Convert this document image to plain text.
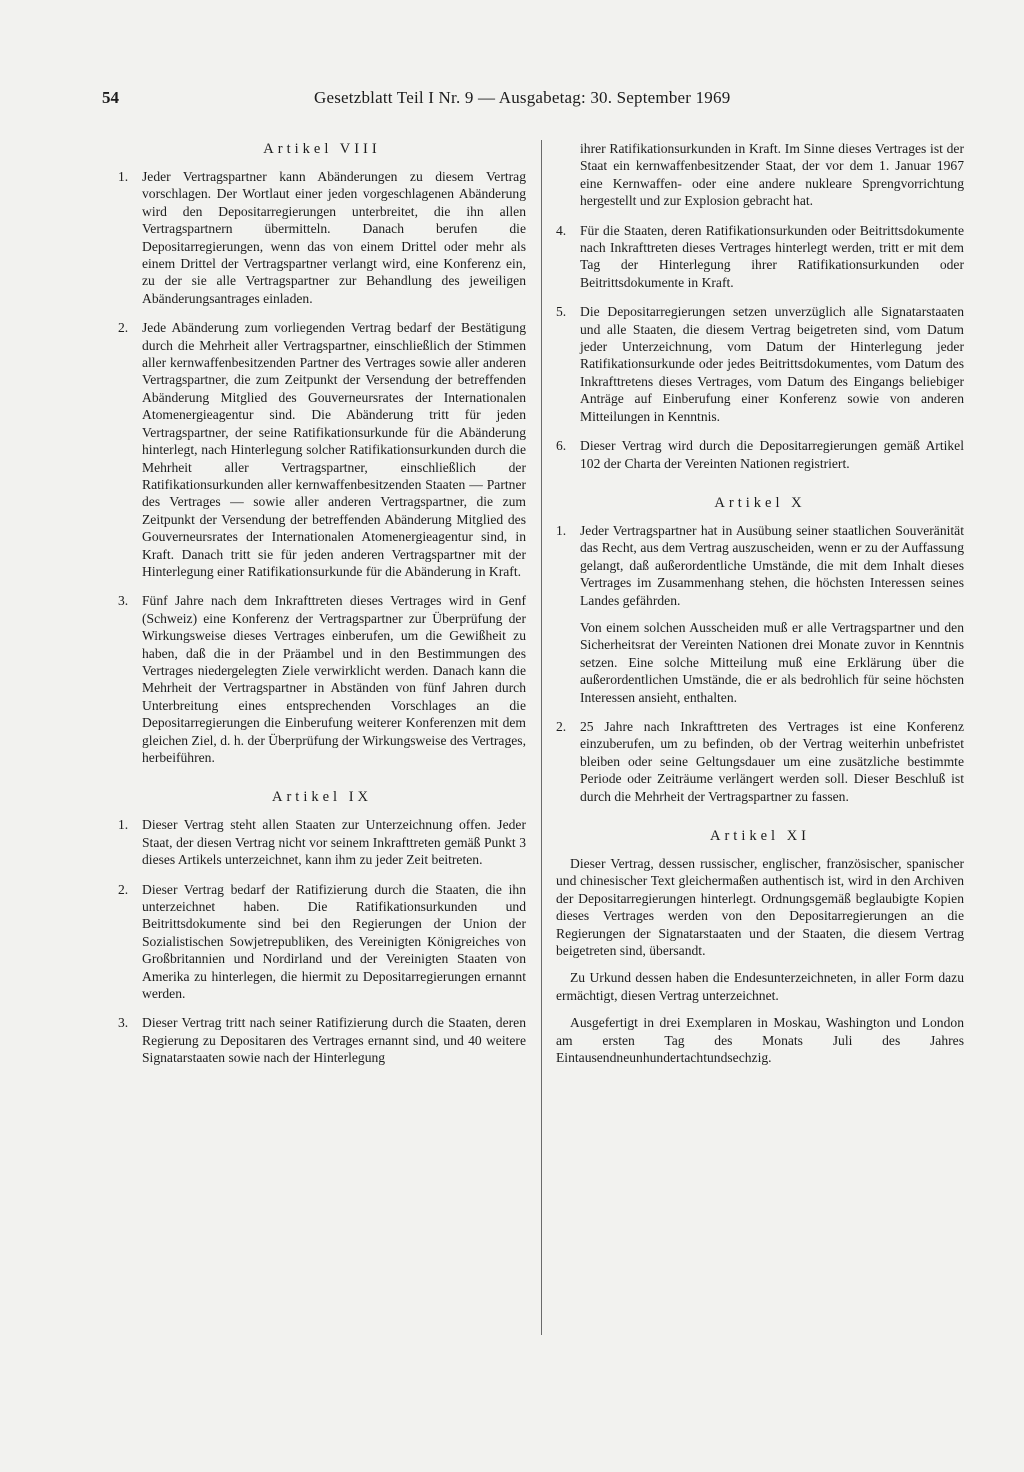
54	Gesetzblatt Teil I Nr. 9 — Ausgabetag: 30. September 1969
Artikel VIII
1. Jeder Vertragspartner kann Abänderungen zu diesem Vertrag vorschlagen. Der Wortlaut einer jeden vorgeschlagenen Abänderung wird den Depositarregierungen unterbreitet, die ihn allen Vertragspartnern übermitteln. Danach berufen die Depositarregierungen, wenn das von einem Drittel oder mehr als einem Drittel der Vertragspartner verlangt wird, eine Konferenz ein, zu der sie alle Vertragspartner zur Behandlung des jeweiligen Abänderungsantrages einladen.
2. Jede Abänderung zum vorliegenden Vertrag bedarf der Bestätigung durch die Mehrheit aller Vertragspartner, einschließlich der Stimmen aller kernwaffenbesitzenden Partner des Vertrages sowie aller anderen Vertragspartner, die zum Zeitpunkt der Versendung der betreffenden Abänderung Mitglied des Gouverneursrates der Internationalen Atomenergieagentur sind. Die Abänderung tritt für jeden Vertragspartner, der seine Ratifikationsurkunde für die Abänderung hinterlegt, nach Hinterlegung solcher Ratifikationsurkunden durch die Mehrheit aller Vertragspartner, einschließlich der Ratifikationsurkunden aller kernwaffenbesitzenden Staaten — Partner des Vertrages — sowie aller anderen Vertragspartner, die zum Zeitpunkt der Versendung der betreffenden Abänderung Mitglied des Gouverneursrates der Internationalen Atomenergieagentur sind, in Kraft. Danach tritt sie für jeden anderen Vertragspartner mit der Hinterlegung einer Ratifikationsurkunde für die Abänderung in Kraft.
3. Fünf Jahre nach dem Inkrafttreten dieses Vertrages wird in Genf (Schweiz) eine Konferenz der Vertragspartner zur Überprüfung der Wirkungsweise dieses Vertrages einberufen, um die Gewißheit zu haben, daß die in der Präambel und in den Bestimmungen des Vertrages niedergelegten Ziele verwirklicht werden. Danach kann die Mehrheit der Vertragspartner in Abständen von fünf Jahren durch Unterbreitung eines entsprechenden Vorschlages an die Depositarregierungen die Einberufung weiterer Konferenzen mit dem gleichen Ziel, d. h. der Überprüfung der Wirkungsweise des Vertrages, herbeiführen.
Artikel IX
1. Dieser Vertrag steht allen Staaten zur Unterzeichnung offen. Jeder Staat, der diesen Vertrag nicht vor seinem Inkrafttreten gemäß Punkt 3 dieses Artikels unterzeichnet, kann ihm zu jeder Zeit beitreten.
2. Dieser Vertrag bedarf der Ratifizierung durch die Staaten, die ihn unterzeichnet haben. Die Ratifikationsurkunden und Beitrittsdokumente sind bei den Regierungen der Union der Sozialistischen Sowjetrepubliken, des Vereinigten Königreiches von Großbritannien und Nordirland und der Vereinigten Staaten von Amerika zu hinterlegen, die hiermit zu Depositarregierungen ernannt werden.
3. Dieser Vertrag tritt nach seiner Ratifizierung durch die Staaten, deren Regierung zu Depositaren des Vertrages ernannt sind, und 40 weitere Signatarstaaten sowie nach der Hinterlegung
ihrer Ratifikationsurkunden in Kraft. Im Sinne dieses Vertrages ist der Staat ein kernwaffenbesitzender Staat, der vor dem 1. Januar 1967 eine Kernwaffen- oder eine andere nukleare Sprengvorrichtung hergestellt und zur Explosion gebracht hat.
4. Für die Staaten, deren Ratifikationsurkunden oder Beitrittsdokumente nach Inkrafttreten dieses Vertrages hinterlegt werden, tritt er mit dem Tag der Hinterlegung ihrer Ratifikationsurkunden oder Beitrittsdokumente in Kraft.
5. Die Depositarregierungen setzen unverzüglich alle Signatarstaaten und alle Staaten, die diesem Vertrag beigetreten sind, vom Datum jeder Unterzeichnung, vom Datum der Hinterlegung jeder Ratifikationsurkunde oder jedes Beitrittsdokumentes, vom Datum des Inkrafttretens dieses Vertrages, vom Datum des Eingangs beliebiger Anträge auf Einberufung einer Konferenz sowie von anderen Mitteilungen in Kenntnis.
6. Dieser Vertrag wird durch die Depositarregierungen gemäß Artikel 102 der Charta der Vereinten Nationen registriert.
Artikel X
1. Jeder Vertragspartner hat in Ausübung seiner staatlichen Souveränität das Recht, aus dem Vertrag auszuscheiden, wenn er zu der Auffassung gelangt, daß außerordentliche Umstände, die mit dem Inhalt dieses Vertrages im Zusammenhang stehen, die höchsten Interessen seines Landes gefährden.
Von einem solchen Ausscheiden muß er alle Vertragspartner und den Sicherheitsrat der Vereinten Nationen drei Monate zuvor in Kenntnis setzen. Eine solche Mitteilung muß eine Erklärung über die außerordentlichen Umstände, die er als bedrohlich für seine höchsten Interessen ansieht, enthalten.
2. 25 Jahre nach Inkrafttreten des Vertrages ist eine Konferenz einzuberufen, um zu befinden, ob der Vertrag weiterhin unbefristet bleiben oder seine Geltungsdauer um eine zusätzliche bestimmte Periode oder Zeiträume verlängert werden soll. Dieser Beschluß ist durch die Mehrheit der Vertragspartner zu fassen.
Artikel XI

Dieser Vertrag, dessen russischer, englischer, französischer, spanischer und chinesischer Text gleichermaßen authentisch ist, wird in den Archiven der Depositarregierungen hinterlegt. Ordnungsgemäß beglaubigte Kopien dieses Vertrages werden von den Depositarregierungen an die Regierungen der Signatarstaaten und der Staaten, die diesem Vertrag beigetreten sind, übersandt.

Zu Urkund dessen haben die Endesunterzeichneten, in aller Form dazu ermächtigt, diesen Vertrag unterzeichnet.

Ausgefertigt in drei Exemplaren in Moskau, Washington und London am ersten Tag des Monats Juli des Jahres Eintausendneunhundertachtundsechzig.
